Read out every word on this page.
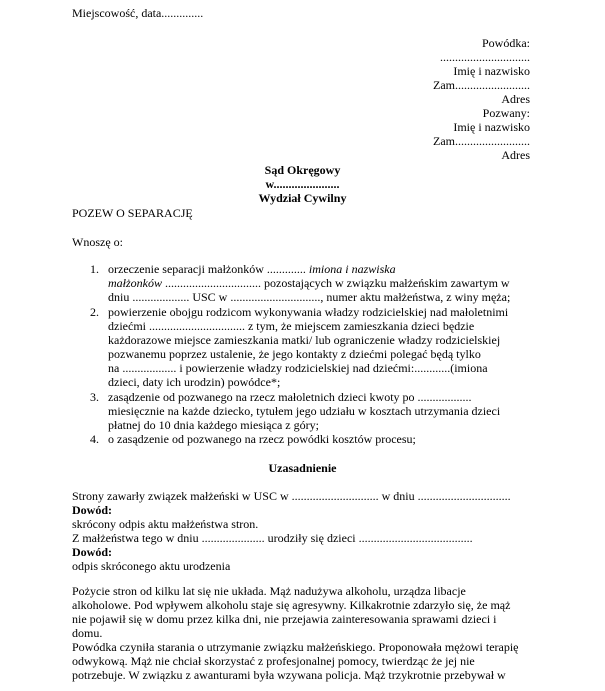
Miejscowość, data..............
Powódka:
..............................
Imię i nazwisko
Zam.........................
Adres
Pozwany:
Imię i nazwisko
Zam.........................
Adres
Sąd Okręgowy
w......................
Wydział Cywilny
POZEW O SEPARACJĘ
Wnoszę o:
1. orzeczenie separacji małżonków ............. imiona i nazwiska
małżonków ................................ pozostających w związku małżeńskim zawartym w
dniu ................... USC w .............................., numer aktu małżeństwa, z winy męża;
2. powierzenie obojgu rodzicom wykonywania władzy rodzicielskiej nad małoletnimi
dziećmi ................................ z tym, że miejscem zamieszkania dzieci będzie
każdorazowe miejsce zamieszkania matki/ lub ograniczenie władzy rodzicielskiej
pozwanemu poprzez ustalenie, że jego kontakty z dziećmi polegać będą tylko
na .................. i powierzenie władzy rodzicielskiej nad dziećmi:............(imiona
dzieci, daty ich urodzin) powódce*;
3. zasądzenie od pozwanego na rzecz małoletnich dzieci kwoty po ..................
miesięcznie na każde dziecko, tytułem jego udziału w kosztach utrzymania dzieci
płatnej do 10 dnia każdego miesiąca z góry;
4. o zasądzenie od pozwanego na rzecz powódki kosztów procesu;
Uzasadnienie
Strony zawarły związek małżeński w USC w ............................. w dniu ...............................
Dowód:
skrócony odpis aktu małżeństwa stron.
Z małżeństwa tego w dniu ..................... urodziły się dzieci ......................................
Dowód:
odpis skróconego aktu urodzenia
Pożycie stron od kilku lat się nie układa. Mąż nadużywa alkoholu, urządza libacje
alkoholowe. Pod wpływem alkoholu staje się agresywny. Kilkakrotnie zdarzyło się, że mąż
nie pojawił się w domu przez kilka dni, nie przejawia zainteresowania sprawami dzieci i
domu.
Powódka czyniła starania o utrzymanie związku małżeńskiego. Proponowała mężowi terapię
odwykową. Mąż nie chciał skorzystać z profesjonalnej pomocy, twierdząc że jej nie
potrzebuje. W związku z awanturami była wzywana policja. Mąż trzykrotnie przebywał w
